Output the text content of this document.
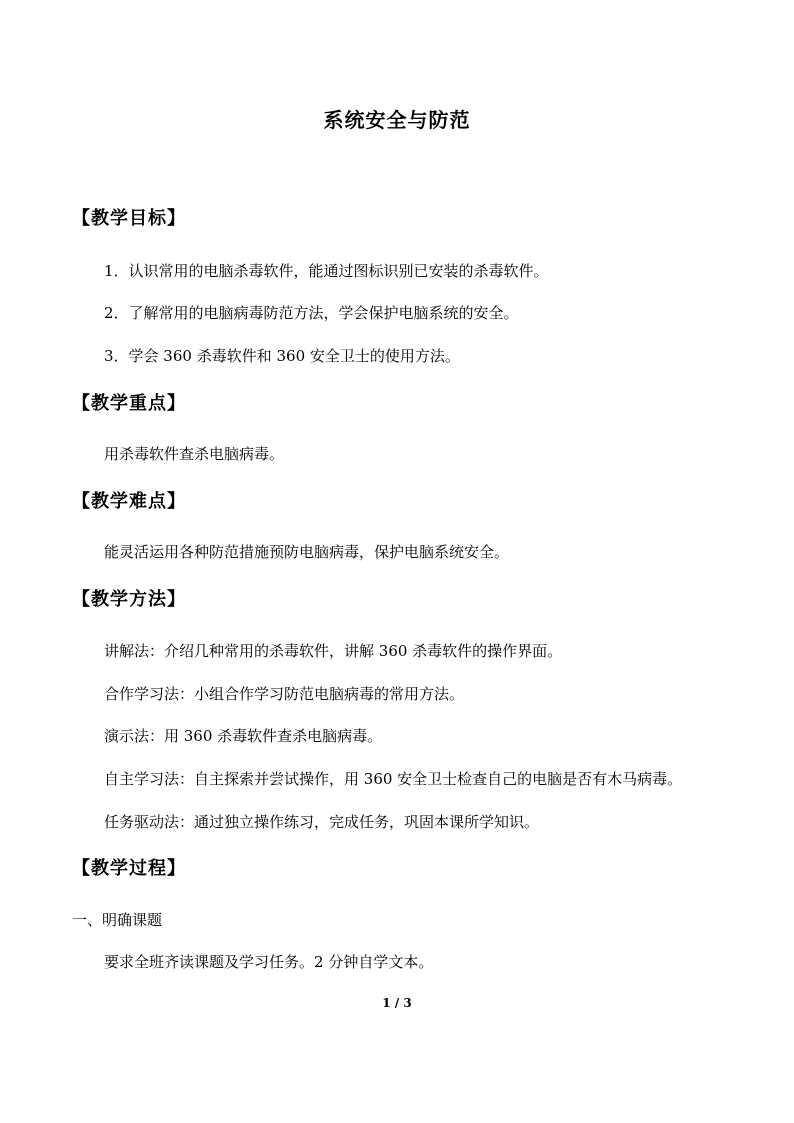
系统安全与防范
【教学目标】
1．认识常用的电脑杀毒软件，能通过图标识别已安装的杀毒软件。
2．了解常用的电脑病毒防范方法，学会保护电脑系统的安全。
3．学会 360 杀毒软件和 360 安全卫士的使用方法。
【教学重点】
用杀毒软件查杀电脑病毒。
【教学难点】
能灵活运用各种防范措施预防电脑病毒，保护电脑系统安全。
【教学方法】
讲解法：介绍几种常用的杀毒软件，讲解 360 杀毒软件的操作界面。
合作学习法：小组合作学习防范电脑病毒的常用方法。
演示法：用 360 杀毒软件查杀电脑病毒。
自主学习法：自主探索并尝试操作，用 360 安全卫士检查自己的电脑是否有木马病毒。
任务驱动法：通过独立操作练习，完成任务，巩固本课所学知识。
【教学过程】
一、明确课题
要求全班齐读课题及学习任务。2 分钟自学文本。
1 / 3
